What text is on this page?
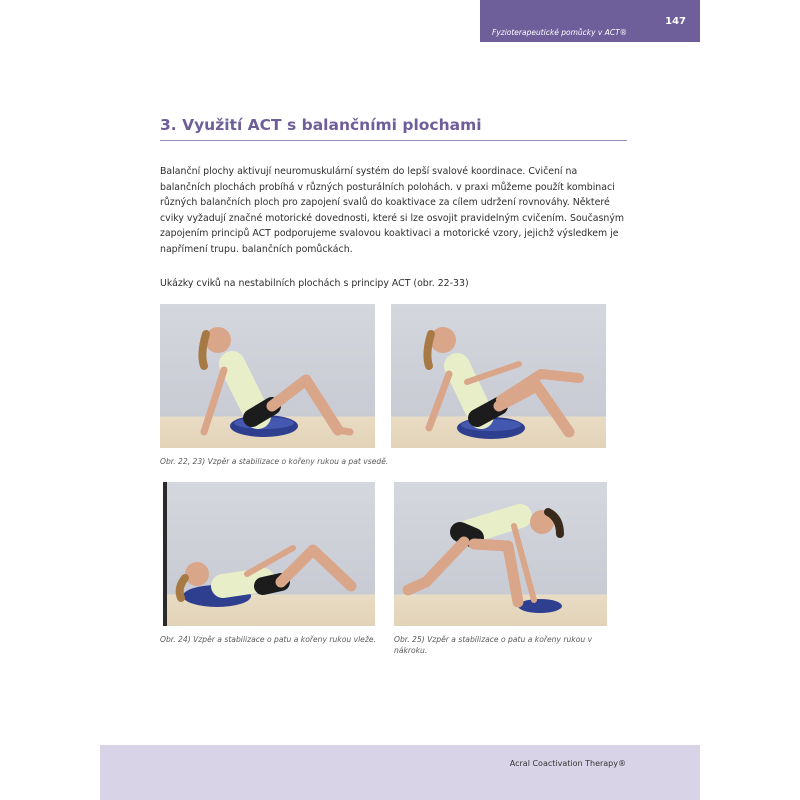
147
Fyzioterapeutické pomůcky v ACT®
3. Využití ACT s balančními plochami

Balanční plochy aktivují neuromuskulární systém do lepší svalové koordinace. Cvičení na balančních plochách probíhá v různých posturálních polohách. v praxi můžeme použít kombinaci různých balančních ploch pro zapojení svalů do koaktivace za cílem udržení rovnováhy. Některé cviky vyžadují značné motorické dovednosti, které si lze osvojit pravidelným cvičením. Současným zapojením principů ACT podporujeme svalovou koaktivaci a motorické vzory, jejichž výsledkem je napřímení trupu. balančních pomůckách.

Ukázky cviků na nestabilních plochách s principy ACT (obr. 22-33)

Obr. 22, 23) Vzpěr a stabilizace o kořeny rukou a pat vsedě.

Obr. 24) Vzpěr a stabilizace o patu a kořeny rukou vleže.	Obr. 25) Vzpěr a stabilizace o patu a kořeny rukou v nákroku.

Acral Coactivation Therapy®
